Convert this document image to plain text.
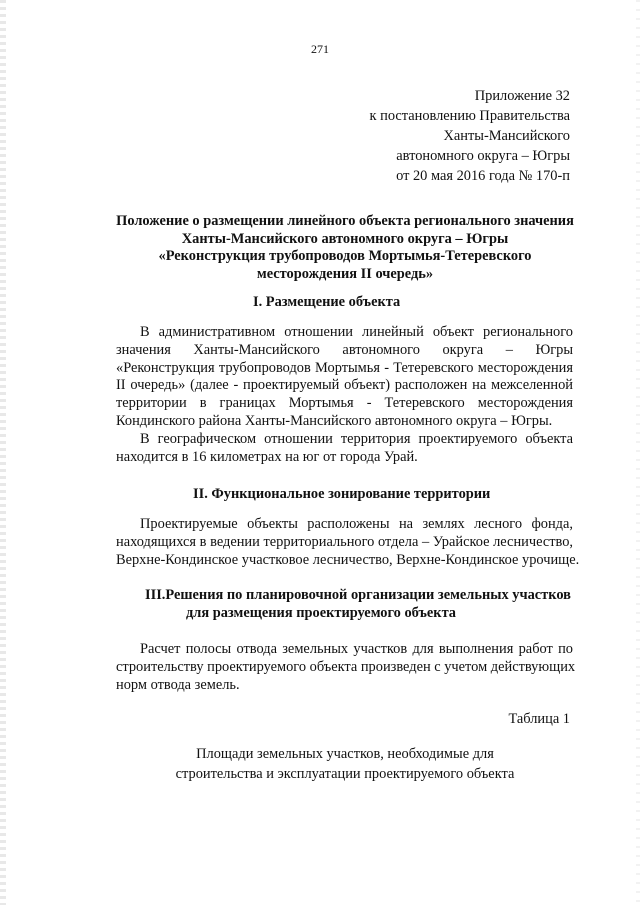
271
Приложение 32
к постановлению Правительства
Ханты-Мансийского
автономного округа – Югры
от 20 мая 2016 года № 170-п
Положение о размещении линейного объекта регионального значения
Ханты-Мансийского автономного округа – Югры
«Реконструкция трубопроводов Мортымья-Тетеревского
месторождения II очередь»
I. Размещение объекта
В административном отношении линейный объект регионального
значения Ханты-Мансийского автономного округа – Югры
«Реконструкция трубопроводов Мортымья - Тетеревского месторождения
II очередь» (далее - проектируемый объект) расположен на межселенной
территории в границах Мортымья - Тетеревского месторождения
Кондинского района Ханты-Мансийского автономного округа – Югры.
В географическом отношении территория проектируемого объекта
находится в 16 километрах на юг от города Урай.
II. Функциональное зонирование территории
Проектируемые объекты расположены на землях лесного фонда,
находящихся в ведении территориального отдела – Урайское лесничество,
Верхне-Кондинское участковое лесничество, Верхне-Кондинское урочище.
III.Решения по планировочной организации земельных участков
для размещения проектируемого объекта
Расчет полосы отвода земельных участков для выполнения работ по
строительству проектируемого объекта произведен с учетом действующих
норм отвода земель.
Таблица 1
Площади земельных участков, необходимые для
строительства и эксплуатации проектируемого объекта
